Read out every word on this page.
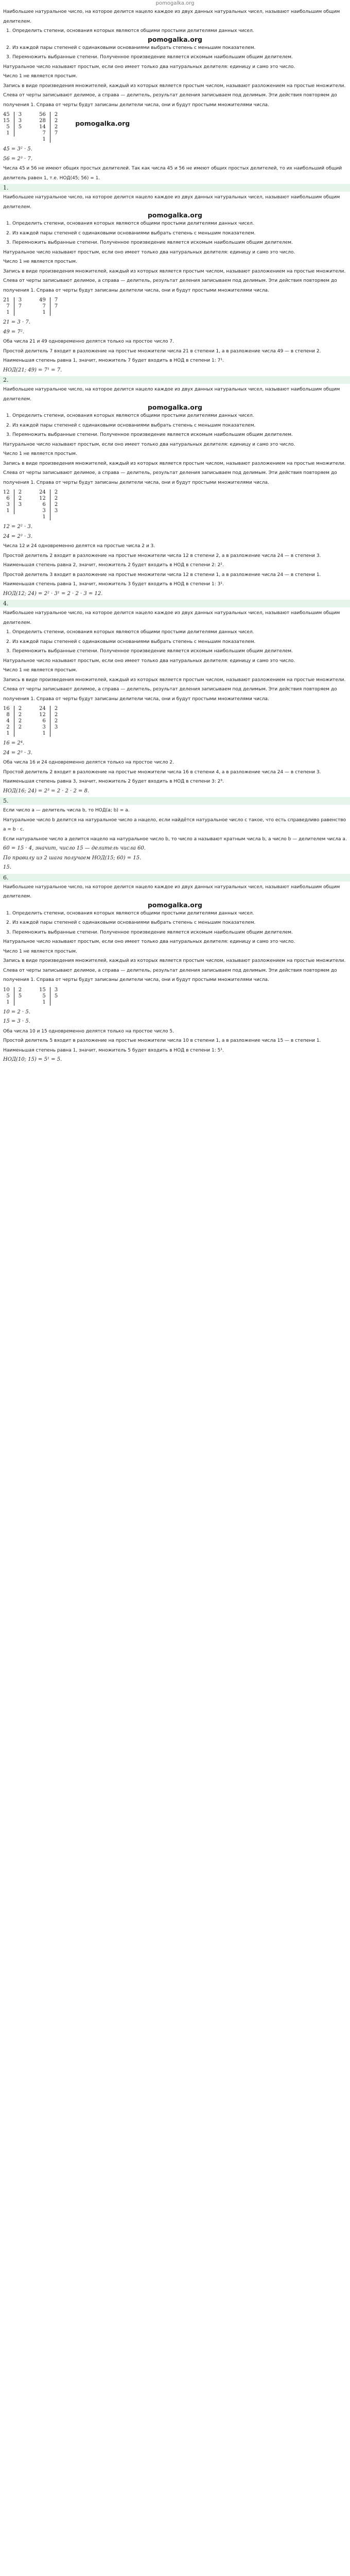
pomogalka.org

Наибольшее натуральное число, на которое делится нацело каждое из двух данных натуральных чисел, называют наибольшим общим делителем.

1. Определить степени, основания которых являются общими простыми делителями данных чисел.
pomogalka.org
2. Из каждой пары степеней с одинаковыми основаниями выбрать степень с меньшим показателем.
3. Перемножить выбранные степени. Полученное произведение является искомым наибольшим общим делителем.

Натуральное число называют простым, если оно имеет только два натуральных делителя: единицу и само это число.

Число 1 не является простым.

Запись в виде произведения множителей, каждый из которых является простым числом, называют разложением на простые множители. Слева от черты записывают делимое, а справа — делитель, результат деления записываем под делимым. Эти действия повторяем до получения 1. Справа от черты будут записаны делители числа, они и будут простыми множителями числа.

45	3
15	3
5	5
1
56	2
28	2
14	2
7	7
1
pomogalka.org

45 = 3² · 5.

56 = 2³ · 7.

Числа 45 и 56 не имеют общих простых делителей. Так как числа 45 и 56 не имеют общих простых делителей, то их наибольший общий делитель равен 1, т.е. НОД(45; 56) = 1.

1.

Наибольшее натуральное число, на которое делится нацело каждое из двух данных натуральных чисел, называют наибольшим общим делителем.

pomogalka.org
1. Определить степени, основания которых являются общими простыми делителями данных чисел.
2. Из каждой пары степеней с одинаковыми основаниями выбрать степень с меньшим показателем.
3. Перемножить выбранные степени. Полученное произведение является искомым наибольшим общим делителем.

Натуральное число называют простым, если оно имеет только два натуральных делителя: единицу и само это число.

Число 1 не является простым.

Запись в виде произведения множителей, каждый из которых является простым числом, называют разложением на простые множители. Слева от черты записывают делимое, а справа — делитель, результат деления записываем под делимым. Эти действия повторяем до получения 1. Справа от черты будут записаны делители числа, они и будут простыми множителями числа.

21	3
7	7
1
49	7
7	7
1

21 = 3 · 7.

49 = 7².

Оба числа 21 и 49 одновременно делятся только на простое число 7.

Простой делитель 7 входит в разложение на простые множители числа 21 в степени 1, а в разложение числа 49 — в степени 2. Наименьшая степень равна 1, значит, множитель 7 будет входить в НОД в степени 1: 7¹.

НОД(21; 49) = 7¹ = 7.

2.

Наибольшее натуральное число, на которое делится нацело каждое из двух данных натуральных чисел, называют наибольшим общим делителем.

pomogalka.org
1. Определить степени, основания которых являются общими простыми делителями данных чисел.
2. Из каждой пары степеней с одинаковыми основаниями выбрать степень с меньшим показателем.
3. Перемножить выбранные степени. Полученное произведение является искомым наибольшим общим делителем.

Натуральное число называют простым, если оно имеет только два натуральных делителя: единицу и само это число.

Число 1 не является простым.

Запись в виде произведения множителей, каждый из которых является простым числом, называют разложением на простые множители. Слева от черты записывают делимое, а справа — делитель, результат деления записываем под делимым. Эти действия повторяем до получения 1. Справа от черты будут записаны делители числа, они и будут простыми множителями числа.

12	2
6	2
3	3
1
24	2
12	2
6	2
3	3
1

12 = 2² · 3.

24 = 2³ · 3.

Числа 12 и 24 одновременно делятся на простые числа 2 и 3.

Простой делитель 2 входит в разложение на простые множители числа 12 в степени 2, а в разложение числа 24 — в степени 3. Наименьшая степень равна 2, значит, множитель 2 будет входить в НОД в степени 2: 2².

Простой делитель 3 входит в разложение на простые множители числа 12 в степени 1, а в разложение числа 24 — в степени 1. Наименьшая степень равна 1, значит, множитель 3 будет входить в НОД в степени 1: 3¹.

НОД(12; 24) = 2² · 3¹ = 2 · 2 · 3 = 12.

4.

Наибольшее натуральное число, на которое делится нацело каждое из двух данных натуральных чисел, называют наибольшим общим делителем.

1. Определить степени, основания которых являются общими простыми делителями данных чисел.
2. Из каждой пары степеней с одинаковыми основаниями выбрать степень с меньшим показателем.
3. Перемножить выбранные степени. Полученное произведение является искомым наибольшим общим делителем.

Натуральное число называют простым, если оно имеет только два натуральных делителя: единицу и само это число.

Число 1 не является простым.

Запись в виде произведения множителей, каждый из которых является простым числом, называют разложением на простые множители. Слева от черты записывают делимое, а справа — делитель, результат деления записываем под делимым. Эти действия повторяем до получения 1. Справа от черты будут записаны делители числа, они и будут простыми множителями числа.

16	2
8	2
4	2
2	2
1
24	2
12	2
6	2
3	3
1

16 = 2⁴.

24 = 2³ · 3.

Оба числа 16 и 24 одновременно делятся только на простое число 2.

Простой делитель 2 входит в разложение на простые множители числа 16 в степени 4, а в разложение числа 24 — в степени 3. Наименьшая степень равна 3, значит, множитель 2 будет входить в НОД в степени 3: 2³.

НОД(16; 24) = 2³ = 2 · 2 · 2 = 8.

5.

Если число a — делитель числа b, то НОД(a; b) = a.

Натуральное число b делится на натуральное число a нацело, если найдётся натуральное число c такое, что есть справедливо равенство a = b · c.

Если натуральное число а делится нацело на натуральное число b, то число a называют кратным числа b, а число b — делителем числа a.

60 = 15 · 4, значит, число 15 — делитель числа 60.

По правилу из 2 шага получаем НОД(15; 60) = 15.

15.

6.

Наибольшее натуральное число, на которое делится нацело каждое из двух данных натуральных чисел, называют наибольшим общим делителем.

pomogalka.org
1. Определить степени, основания которых являются общими простыми делителями данных чисел.
2. Из каждой пары степеней с одинаковыми основаниями выбрать степень с меньшим показателем.
3. Перемножить выбранные степени. Полученное произведение является искомым наибольшим общим делителем.

Натуральное число называют простым, если оно имеет только два натуральных делителя: единицу и само это число.

Число 1 не является простым.

Запись в виде произведения множителей, каждый из которых является простым числом, называют разложением на простые множители. Слева от черты записывают делимое, а справа — делитель, результат деления записываем под делимым. Эти действия повторяем до получения 1. Справа от черты будут записаны делители числа, они и будут простыми множителями числа.

10	2
5	5
1
15	3
5	5
1

10 = 2 · 5.

15 = 3 · 5.

Оба числа 10 и 15 одновременно делятся только на простое число 5.

Простой делитель 5 входит в разложение на простые множители числа 10 в степени 1, а в разложение числа 15 — в степени 1. Наименьшая степень равна 1, значит, множитель 5 будет входить в НОД в степени 1: 5¹.

НОД(10; 15) = 5¹ = 5.
